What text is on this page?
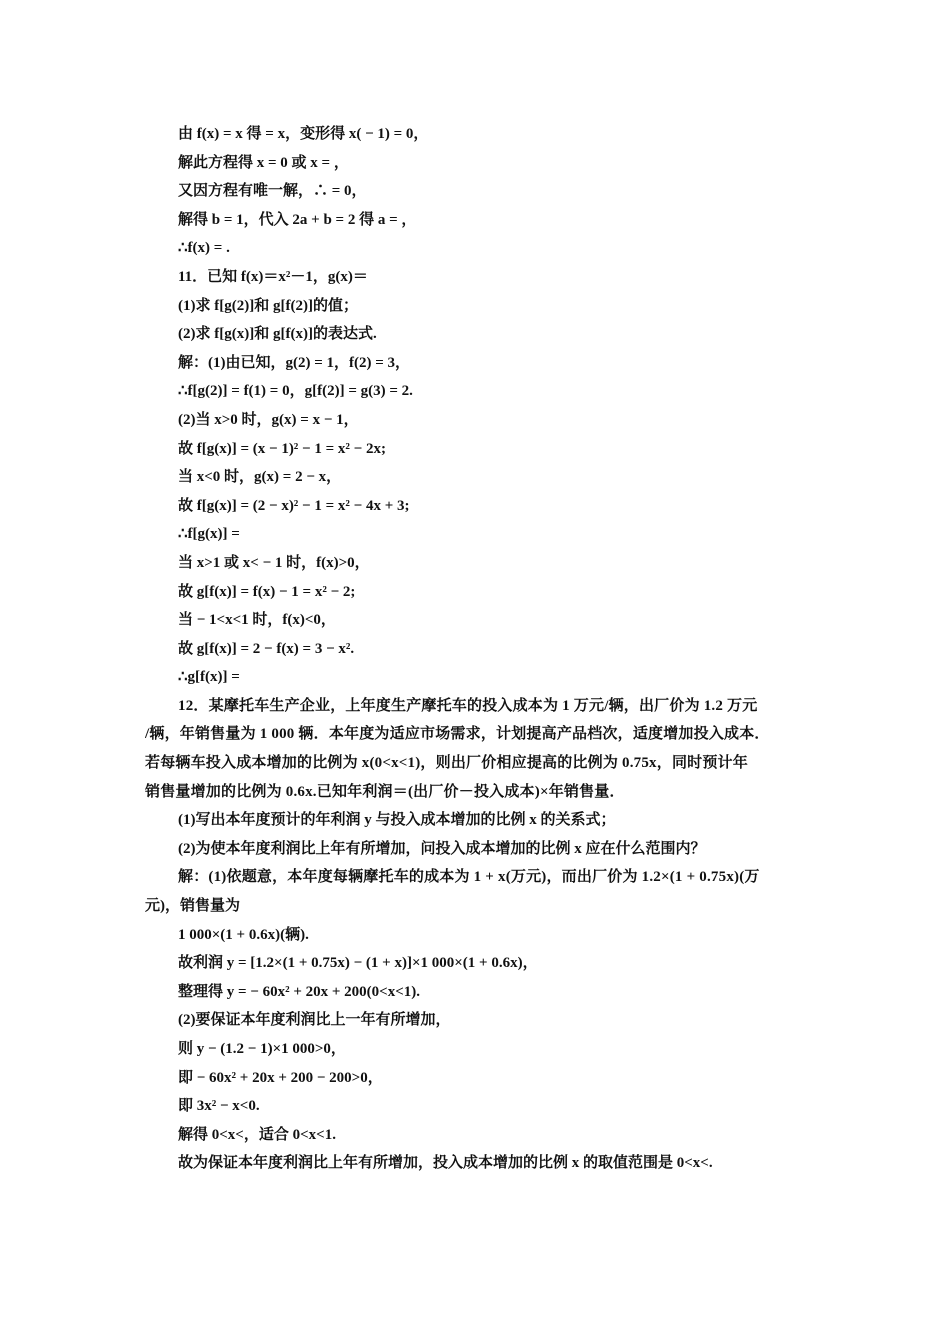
由 f(x) = x 得 = x，变形得 x( − 1) = 0，
解此方程得 x = 0 或 x = ，
又因方程有唯一解，∴ = 0，
解得 b = 1，代入 2a + b = 2 得 a = ，
∴f(x) = .
11．已知 f(x)＝x²－1，g(x)＝
(1)求 f[g(2)]和 g[f(2)]的值；
(2)求 f[g(x)]和 g[f(x)]的表达式.
解：(1)由已知，g(2) = 1，f(2) = 3，
∴f[g(2)] = f(1) = 0，g[f(2)] = g(3) = 2.
(2)当 x>0 时，g(x) = x − 1，
故 f[g(x)] = (x − 1)² − 1 = x² − 2x;
当 x<0 时，g(x) = 2 − x，
故 f[g(x)] = (2 − x)² − 1 = x² − 4x + 3;
∴f[g(x)] =
当 x>1 或 x< − 1 时，f(x)>0，
故 g[f(x)] = f(x) − 1 = x² − 2;
当 − 1<x<1 时，f(x)<0，
故 g[f(x)] = 2 − f(x) = 3 − x².
∴g[f(x)] =
12．某摩托车生产企业，上年度生产摩托车的投入成本为 1 万元/辆，出厂价为 1.2 万元
/辆，年销售量为 1 000 辆．本年度为适应市场需求，计划提高产品档次，适度增加投入成本．
若每辆车投入成本增加的比例为 x(0<x<1)，则出厂价相应提高的比例为 0.75x，同时预计年
销售量增加的比例为 0.6x.已知年利润＝(出厂价－投入成本)×年销售量．
(1)写出本年度预计的年利润 y 与投入成本增加的比例 x 的关系式；
(2)为使本年度利润比上年有所增加，问投入成本增加的比例 x 应在什么范围内？
解：(1)依题意，本年度每辆摩托车的成本为 1 + x(万元)，而出厂价为 1.2×(1 + 0.75x)(万
元)，销售量为
1 000×(1 + 0.6x)(辆).
故利润 y = [1.2×(1 + 0.75x) − (1 + x)]×1 000×(1 + 0.6x)，
整理得 y = − 60x² + 20x + 200(0<x<1).
(2)要保证本年度利润比上一年有所增加，
则 y − (1.2 − 1)×1 000>0，
即 − 60x² + 20x + 200 − 200>0，
即 3x² − x<0.
解得 0<x<，适合 0<x<1.
故为保证本年度利润比上年有所增加，投入成本增加的比例 x 的取值范围是 0<x<.
